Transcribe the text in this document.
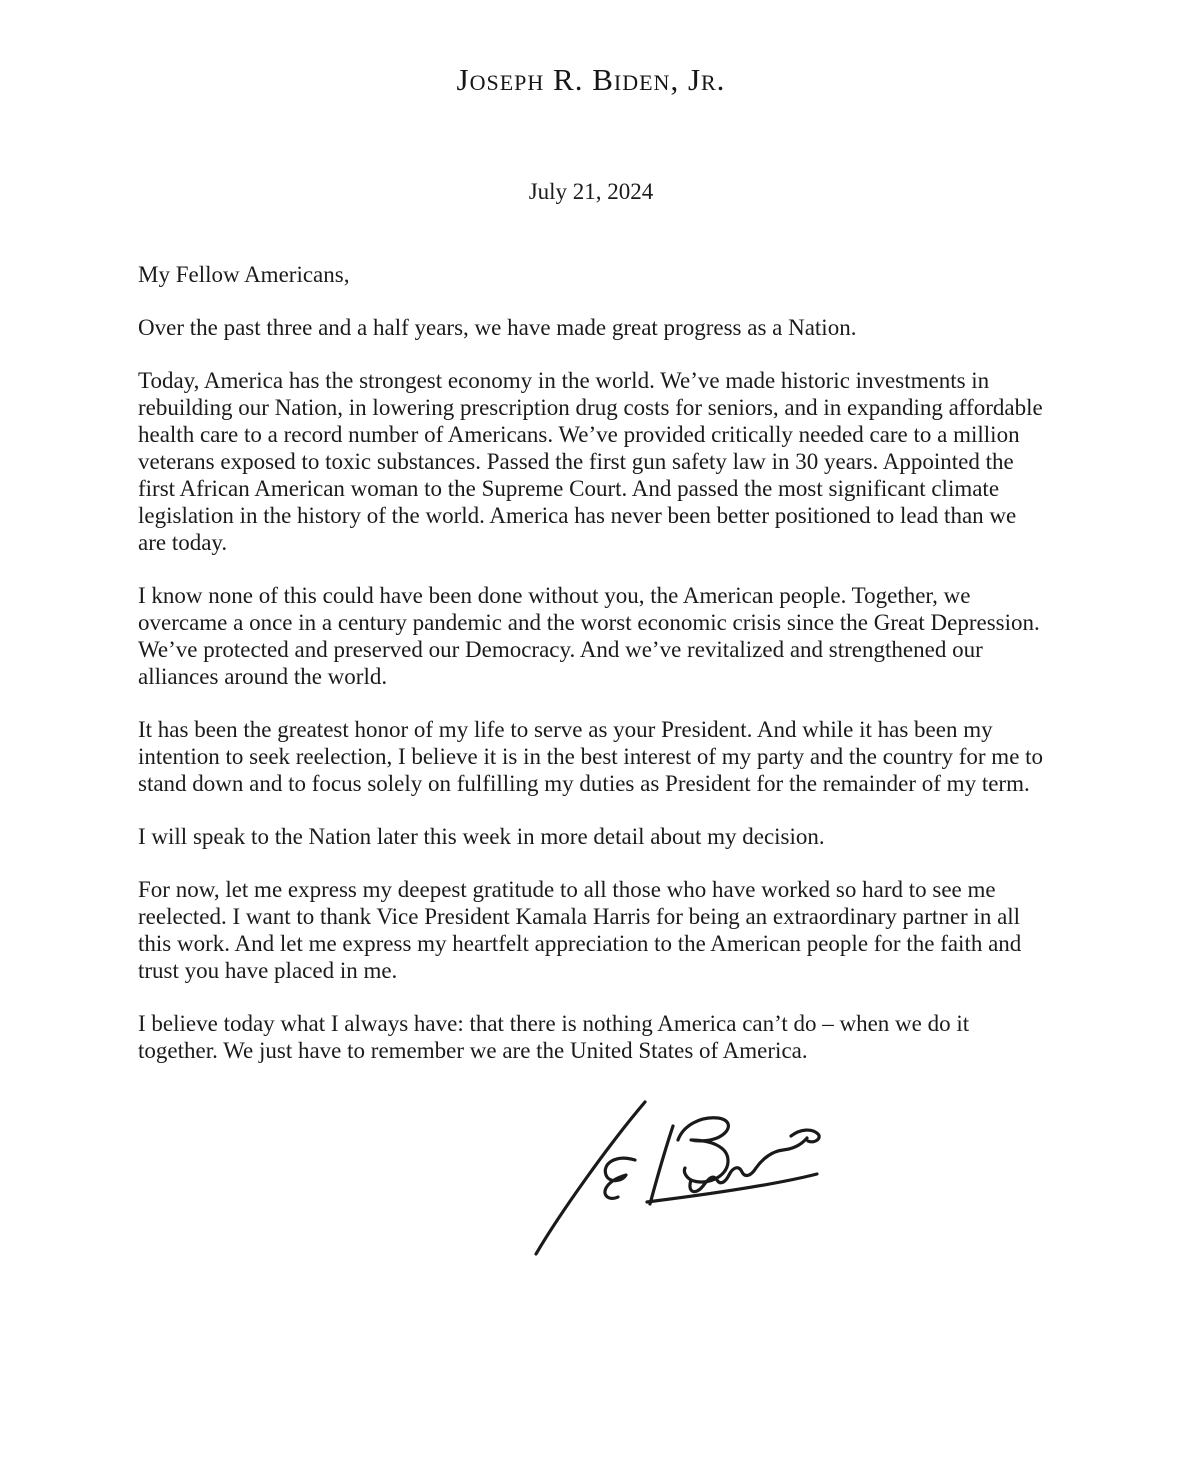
Joseph R. Biden, Jr.
July 21, 2024

My Fellow Americans,

Over the past three and a half years, we have made great progress as a Nation.

Today, America has the strongest economy in the world. We’ve made historic investments in rebuilding our Nation, in lowering prescription drug costs for seniors, and in expanding affordable health care to a record number of Americans. We’ve provided critically needed care to a million veterans exposed to toxic substances. Passed the first gun safety law in 30 years. Appointed the first African American woman to the Supreme Court. And passed the most significant climate legislation in the history of the world. America has never been better positioned to lead than we are today.

I know none of this could have been done without you, the American people. Together, we overcame a once in a century pandemic and the worst economic crisis since the Great Depression. We’ve protected and preserved our Democracy. And we’ve revitalized and strengthened our alliances around the world.

It has been the greatest honor of my life to serve as your President. And while it has been my intention to seek reelection, I believe it is in the best interest of my party and the country for me to stand down and to focus solely on fulfilling my duties as President for the remainder of my term.

I will speak to the Nation later this week in more detail about my decision.

For now, let me express my deepest gratitude to all those who have worked so hard to see me reelected. I want to thank Vice President Kamala Harris for being an extraordinary partner in all this work. And let me express my heartfelt appreciation to the American people for the faith and trust you have placed in me.

I believe today what I always have: that there is nothing America can’t do – when we do it together. We just have to remember we are the United States of America.
